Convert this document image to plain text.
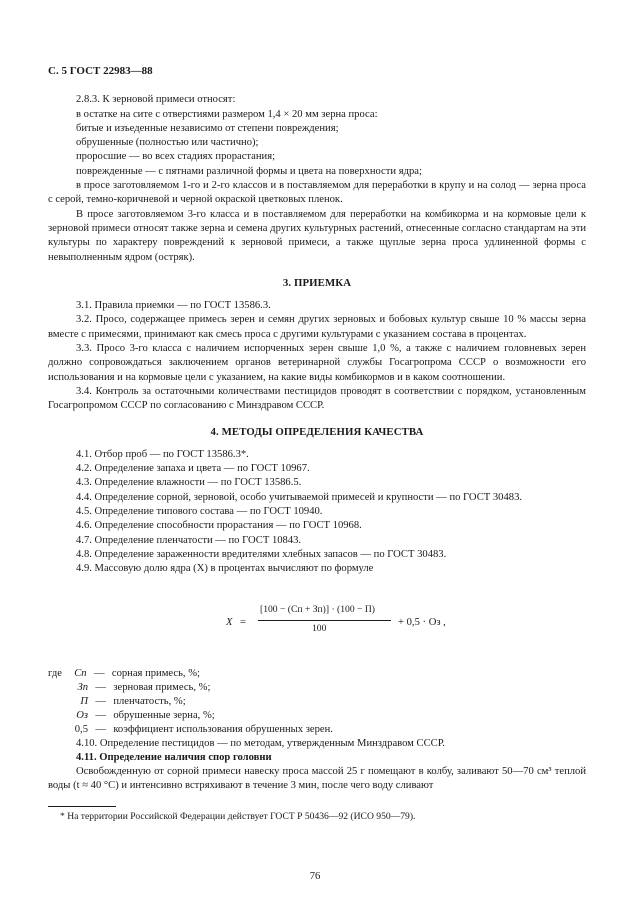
С. 5 ГОСТ 22983—88

2.8.3. К зерновой примеси относят:

в остатке на сите с отверстиями размером 1,4 × 20 мм зерна проса:

битые и изъеденные независимо от степени повреждения;

обрушенные (полностью или частично);

проросшие — во всех стадиях прорастания;

поврежденные — с пятнами различной формы и цвета на поверхности ядра;

в просе заготовляемом 1-го и 2-го классов и в поставляемом для переработки в крупу и на солод — зерна проса с серой, темно-коричневой и черной окраской цветковых пленок.

В просе заготовляемом 3-го класса и в поставляемом для переработки на комбикорма и на кормовые цели к зерновой примеси относят также зерна и семена других культурных растений, отнесенные согласно стандартам на эти культуры по характеру повреждений к зерновой примеси, а также щуплые зерна проса удлиненной формы с невыполненным ядром (остряк).

3. ПРИЕМКА

3.1. Правила приемки — по ГОСТ 13586.3.

3.2. Просо, содержащее примесь зерен и семян других зерновых и бобовых культур свыше 10 % массы зерна вместе с примесями, принимают как смесь проса с другими культурами с указанием состава в процентах.

3.3. Просо 3-го класса с наличием испорченных зерен свыше 1,0 %, а также с наличием головневых зерен должно сопровождаться заключением органов ветеринарной службы Госагропрома СССР о возможности его использования и на кормовые цели с указанием, на какие виды комбикормов и в каком соотношении.

3.4. Контроль за остаточными количествами пестицидов проводят в соответствии с порядком, установленным Госагропромом СССР по согласованию с Минздравом СССР.

4. МЕТОДЫ ОПРЕДЕЛЕНИЯ КАЧЕСТВА

4.1. Отбор проб — по ГОСТ 13586.3*.

4.2. Определение запаха и цвета — по ГОСТ 10967.

4.3. Определение влажности — по ГОСТ 13586.5.

4.4. Определение сорной, зерновой, особо учитываемой примесей и крупности — по ГОСТ 30483.

4.5. Определение типового состава — по ГОСТ 10940.

4.6. Определение способности прорастания — по ГОСТ 10968.

4.7. Определение пленчатости — по ГОСТ 10843.

4.8. Определение зараженности вредителями хлебных запасов — по ГОСТ 30483.

4.9. Массовую долю ядра (X) в процентах вычисляют по формуле

X =
[100 − (Cп + Зп)] · (100 − П)
100
+ 0,5 · Oз ,
где Cп — сорная примесь, %;
Зп — зерновая примесь, %;
П — пленчатость, %;
Oз — обрушенные зерна, %;
0,5 — коэффициент использования обрушенных зерен.

4.10. Определение пестицидов — по методам, утвержденным Минздравом СССР.

4.11. Определение наличия спор головни

Освобожденную от сорной примеси навеску проса массой 25 г помещают в колбу, заливают 50—70 см³ теплой воды (t ≈ 40 °С) и интенсивно встряхивают в течение 3 мин, после чего воду сливают

* На территории Российской Федерации действует ГОСТ Р 50436—92 (ИСО 950—79).

76
